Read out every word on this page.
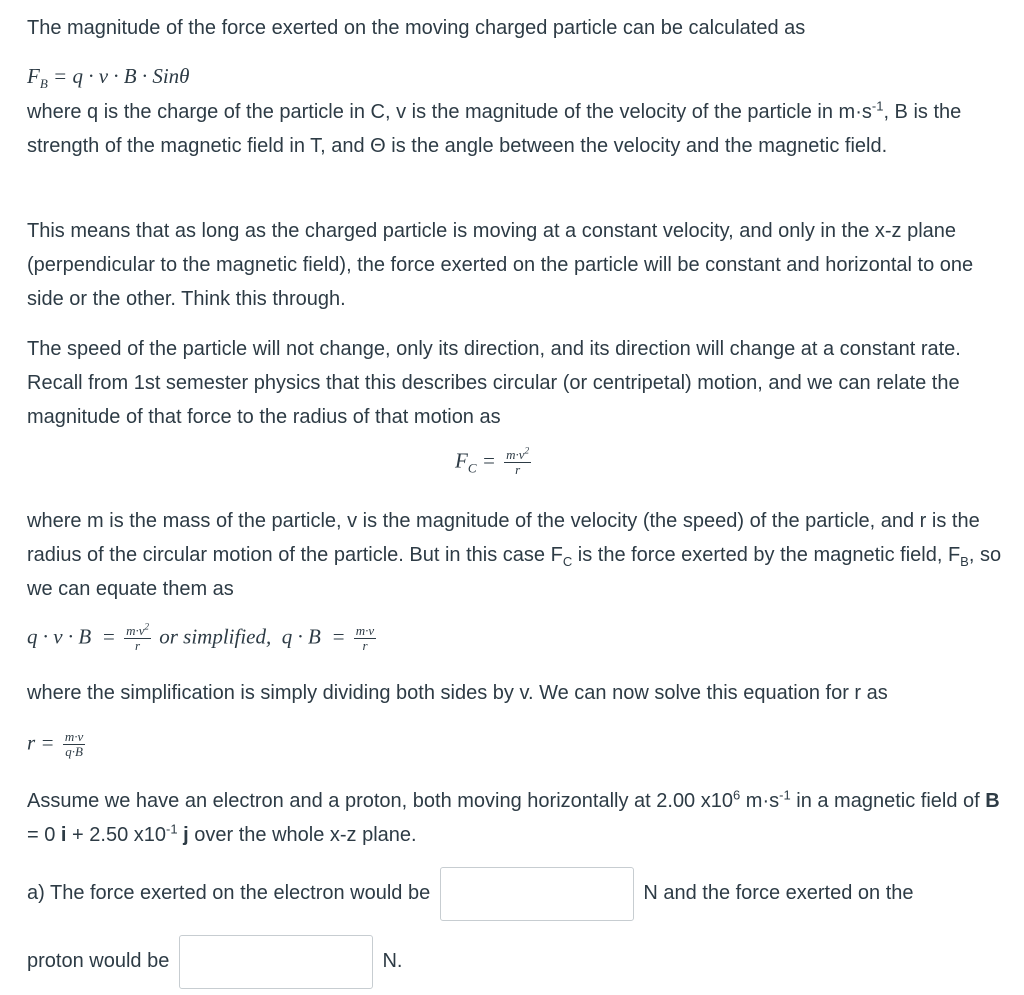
The magnitude of the force exerted on the moving charged particle can be calculated as

$F_B = q \cdot v \cdot B \cdot Sin\theta$

where q is the charge of the particle in C, v is the magnitude of the velocity of the particle in $m\cdot s^{-1}$, B is the strength of the magnetic field in T, and Θ is the angle between the velocity and the magnetic field.

This means that as long as the charged particle is moving at a constant velocity, and only in the x-z plane (perpendicular to the magnetic field), the force exerted on the particle will be constant and horizontal to one side or the other. Think this through.

The speed of the particle will not change, only its direction, and its direction will change at a constant rate. Recall from 1st semester physics that this describes circular (or centripetal) motion, and we can relate the magnitude of that force to the radius of that motion as

$F_C = \frac{m\cdot v^2}{r}$

where m is the mass of the particle, v is the magnitude of the velocity (the speed) of the particle, and r is the radius of the circular motion of the particle. But in this case $F_C$ is the force exerted by the magnetic field, $F_B$, so we can equate them as

$q \cdot v \cdot B = \frac{m\cdot v^2}{r}$ or simplified, $q \cdot B = \frac{m\cdot v}{r}$

where the simplification is simply dividing both sides by v. We can now solve this equation for r as

$r = \frac{m\cdot v}{q\cdot B}$

Assume we have an electron and a proton, both moving horizontally at 2.00 $x10^6$ $m\cdot s^{-1}$ in a magnetic field of B = 0 i + 2.50 $x10^{-1}$ j over the whole x-z plane.

a) The force exerted on the electron would be	N and the force exerted on the
proton would be	N.
